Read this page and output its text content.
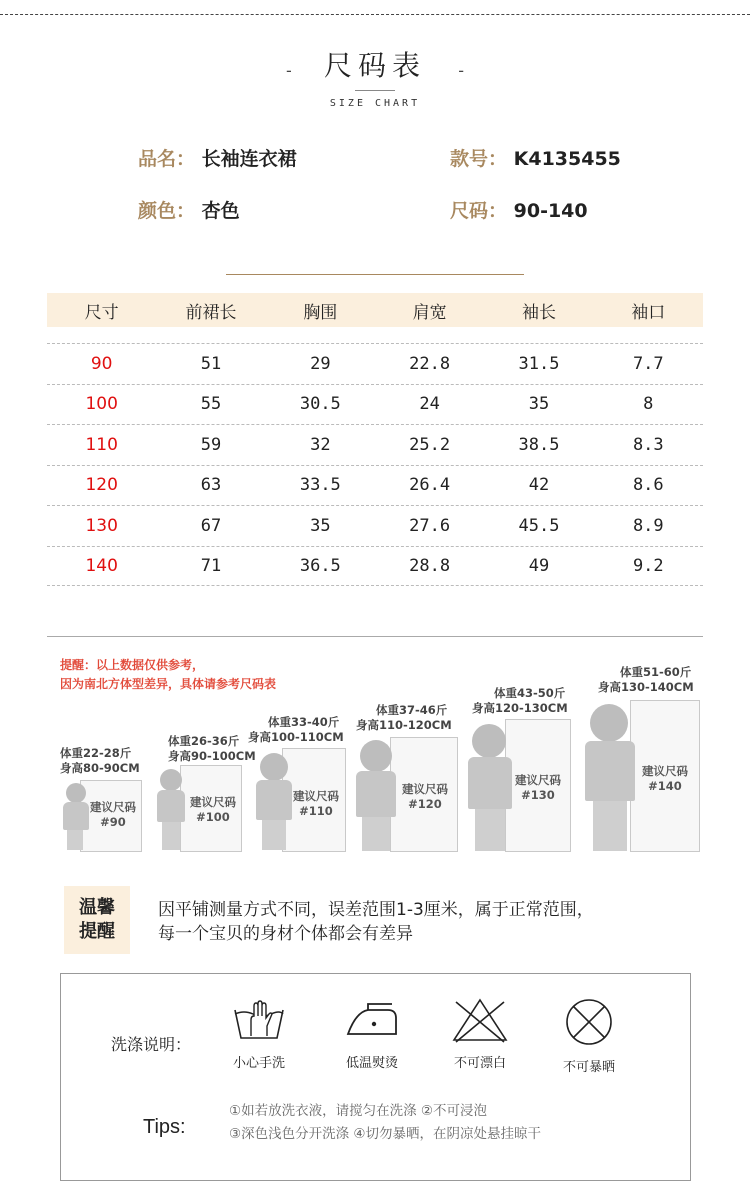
- 尺码表 -
SIZE CHART
品名： 长袖连衣裙	款号： K4135455
颜色： 杏色	尺码： 90-140
尺寸	前裙长	胸围	肩宽	袖长	袖口
90	51	29	22.8	31.5	7.7
100	55	30.5	24	35	8
110	59	32	25.2	38.5	8.3
120	63	33.5	26.4	42	8.6
130	67	35	27.6	45.5	8.9
140	71	36.5	28.8	49	9.2
提醒：以上数据仅供参考，
因为南北方体型差异，具体请参考尺码表
体重22-28斤
身高80-90CM
建议尺码
#90
体重26-36斤
身高90-100CM
建议尺码
#100
体重33-40斤
身高100-110CM
建议尺码
#110
体重37-46斤
身高110-120CM
建议尺码
#120
体重43-50斤
身高120-130CM
建议尺码
#130
体重51-60斤
身高130-140CM
建议尺码
#140
温馨
提醒
因平铺测量方式不同，误差范围1-3厘米，属于正常范围，
每一个宝贝的身材个体都会有差异
洗涤说明：
小心手洗	低温熨烫	不可漂白	不可暴晒
Tips:
①如若放洗衣液，请搅匀在洗涤 ②不可浸泡
③深色浅色分开洗涤 ④切勿暴晒，在阴凉处悬挂晾干
